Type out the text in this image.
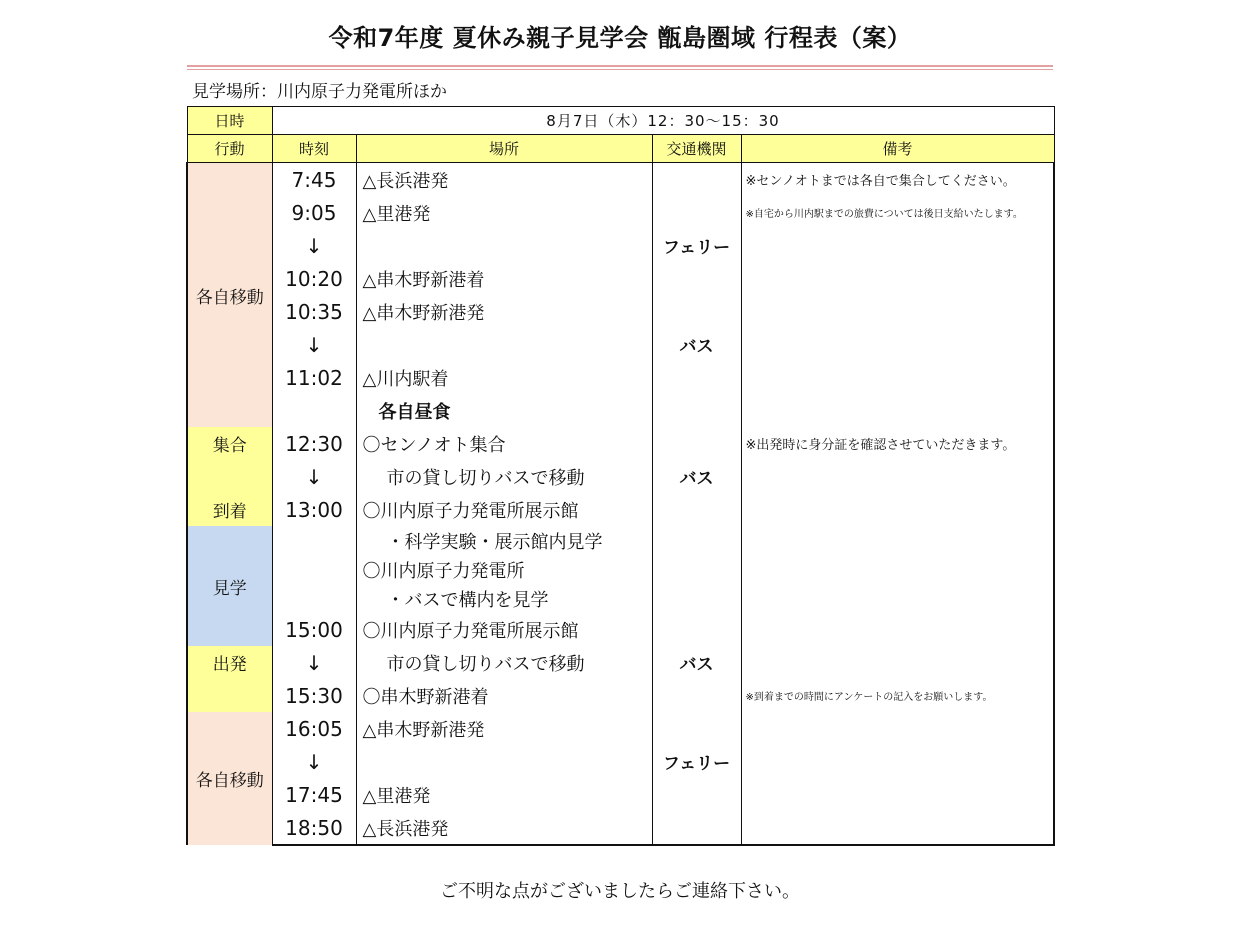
令和7年度 夏休み親子見学会 甑島圏域 行程表（案）
見学場所：川内原子力発電所ほか
日時	8月7日（木）12：30～15：30			
行動	時刻	場所	交通機関	備考
各自移動	7:45	△長浜港発		※センノオトまでは各自で集合してください。
	9:05	△里港発		※自宅から川内駅までの旅費については後日支給いたします。
	↓		フェリー	
	10:20	△串木野新港着		
	10:35	△串木野新港発		
	↓		バス	
	11:02	△川内駅着		
		各自昼食		
集合	12:30	〇センノオト集合		※出発時に身分証を確認させていただきます。
	↓	市の貸し切りバスで移動	バス	
到着	13:00	〇川内原子力発電所展示館		
見学		・科学実験・展示館内見学		
		〇川内原子力発電所		
		・バスで構内を見学		
	15:00	〇川内原子力発電所展示館		
出発	↓	市の貸し切りバスで移動	バス	
	15:30	〇串木野新港着		※到着までの時間にアンケートの記入をお願いします。
各自移動	16:05	△串木野新港発		
	↓		フェリー	
	17:45	△里港発		
	18:50	△長浜港発		
ご不明な点がございましたらご連絡下さい。
